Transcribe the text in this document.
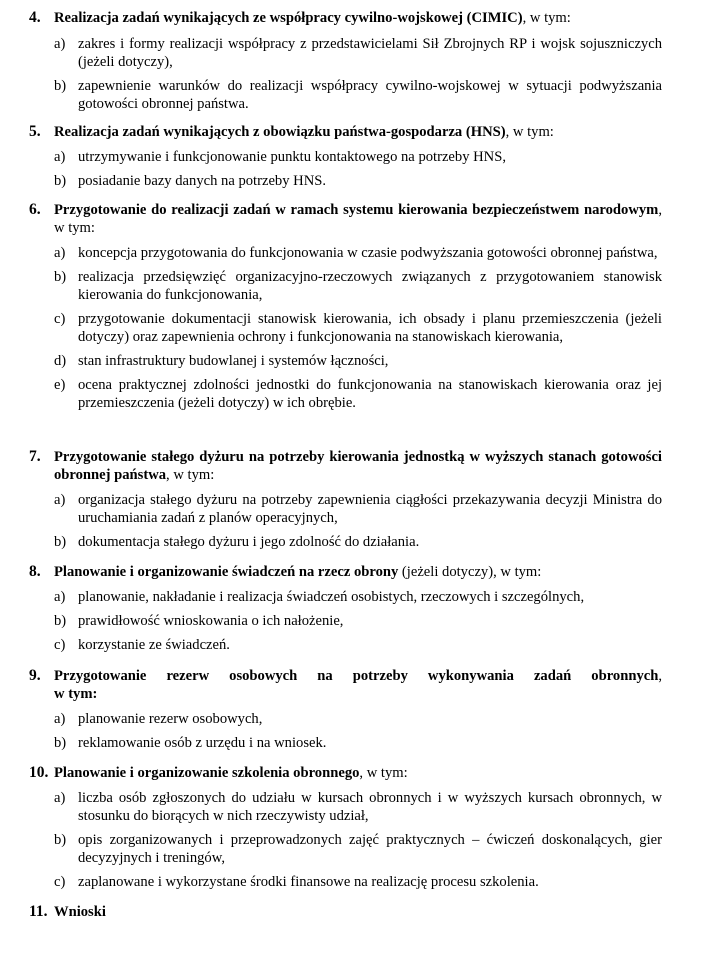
4. Realizacja zadań wynikających ze współpracy cywilno-wojskowej (CIMIC), w tym:
a) zakres i formy realizacji współpracy z przedstawicielami Sił Zbrojnych RP i wojsk sojuszniczych (jeżeli dotyczy),
b) zapewnienie warunków do realizacji współpracy cywilno-wojskowej w sytuacji podwyższania gotowości obronnej państwa.
5. Realizacja zadań wynikających z obowiązku państwa-gospodarza (HNS), w tym:
a) utrzymywanie i funkcjonowanie punktu kontaktowego na potrzeby HNS,
b) posiadanie bazy danych na potrzeby HNS.
6. Przygotowanie do realizacji zadań w ramach systemu kierowania bezpieczeństwem narodowym, w tym:
a) koncepcja przygotowania do funkcjonowania w czasie podwyższania gotowości obronnej państwa,
b) realizacja przedsięwzięć organizacyjno-rzeczowych związanych z przygotowaniem stanowisk kierowania do funkcjonowania,
c) przygotowanie dokumentacji stanowisk kierowania, ich obsady i planu przemieszczenia (jeżeli dotyczy) oraz zapewnienia ochrony i funkcjonowania na stanowiskach kierowania,
d) stan infrastruktury budowlanej i systemów łączności,
e) ocena praktycznej zdolności jednostki do funkcjonowania na stanowiskach kierowania oraz jej przemieszczenia (jeżeli dotyczy) w ich obrębie.
7. Przygotowanie stałego dyżuru na potrzeby kierowania jednostką w wyższych stanach gotowości obronnej państwa, w tym:
a) organizacja stałego dyżuru na potrzeby zapewnienia ciągłości przekazywania decyzji Ministra do uruchamiania zadań z planów operacyjnych,
b) dokumentacja stałego dyżuru i jego zdolność do działania.
8. Planowanie i organizowanie świadczeń na rzecz obrony (jeżeli dotyczy), w tym:
a) planowanie, nakładanie i realizacja świadczeń osobistych, rzeczowych i szczególnych,
b) prawidłowość wnioskowania o ich nałożenie,
c) korzystanie ze świadczeń.
9. Przygotowanie rezerw osobowych na potrzeby wykonywania zadań obronnych,
w tym:
a) planowanie rezerw osobowych,
b) reklamowanie osób z urzędu i na wniosek.
10. Planowanie i organizowanie szkolenia obronnego, w tym:
a) liczba osób zgłoszonych do udziału w kursach obronnych i w wyższych kursach obronnych, w stosunku do biorących w nich rzeczywisty udział,
b) opis zorganizowanych i przeprowadzonych zajęć praktycznych – ćwiczeń doskonalących, gier decyzyjnych i treningów,
c) zaplanowane i wykorzystane środki finansowe na realizację procesu szkolenia.
11. Wnioski
